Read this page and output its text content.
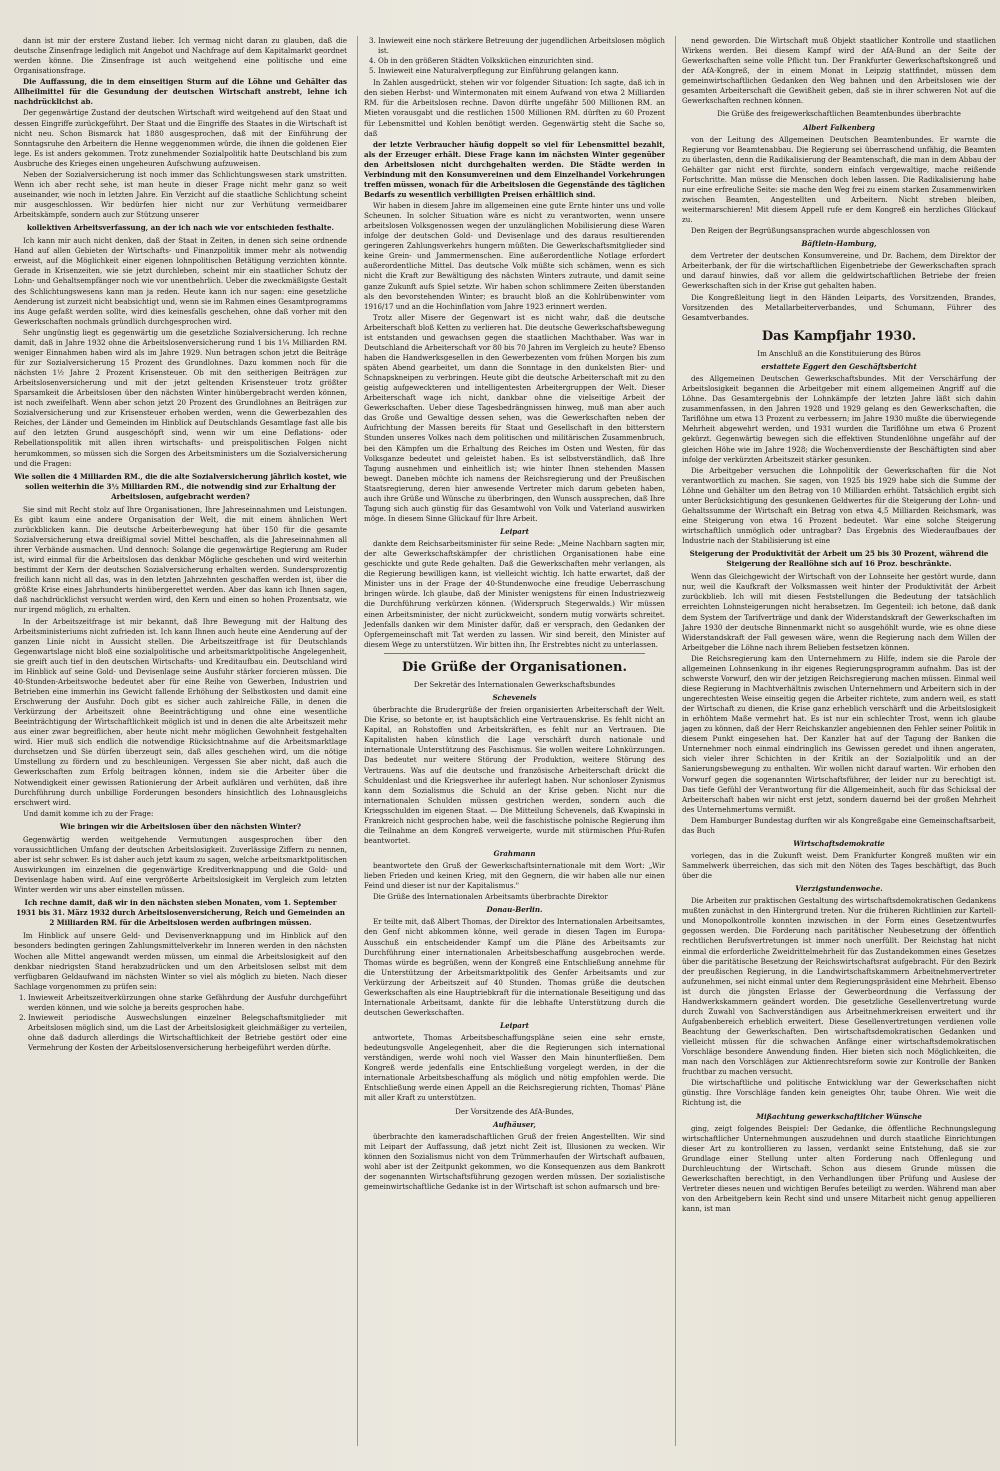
dann ist mir der erstere Zustand lieber. Ich vermag nicht daran zu glauben, daß die deutsche Zinsenfrage lediglich mit Angebot und Nachfrage auf dem Kapitalmarkt geordnet werden könne. Die Zinsenfrage ist auch weitgehend eine politische und eine Organisationsfrage.

Die Auffassung, die in dem einseitigen Sturm auf die Löhne und Gehälter das Allheilmittel für die Gesundung der deutschen Wirtschaft anstrebt, lehne ich nachdrücklichst ab.

Der gegenwärtige Zustand der deutschen Wirtschaft wird weitgehend auf den Staat und dessen Eingriffe zurückgeführt. Der Staat und die Eingriffe des Staates in die Wirtschaft ist nicht neu. Schon Bismarck hat 1880 ausgesprochen, daß mit der Einführung der Sonntagsruhe den Arbeitern die Henne weggenommen würde, die ihnen die goldenen Eier lege. Es ist anders gekommen. Trotz zunehmender Sozialpolitik hatte Deutschland bis zum Ausbruche des Krieges einen ungeheuren Aufschwung aufzuweisen.

Neben der Sozialversicherung ist noch immer das Schlichtungswesen stark umstritten. Wenn ich aber recht sehe, ist man heute in dieser Frage nicht mehr ganz so weit auseinander, wie noch in letzten Jahre. Ein Verzicht auf die staatliche Schlichtung scheint mir ausgeschlossen. Wir bedürfen hier nicht nur zur Verhütung vermeidbarer Arbeitskämpfe, sondern auch zur Stützung unserer

kollektiven Arbeitsverfassung, an der ich nach wie vor entschieden festhalte.

Ich kann mir auch nicht denken, daß der Staat in Zeiten, in denen sich seine ordnende Hand auf allen Gebieten der Wirtschafts- und Finanzpolitik immer mehr als notwendig erweist, auf die Möglichkeit einer eigenen lohnpolitischen Betätigung verzichten könnte. Gerade in Krisenzeiten, wie sie jetzt durchleben, scheint mir ein staatlicher Schutz der Lohn- und Gehaltsempfänger noch wie vor unentbehrlich. Ueber die zweckmäßigste Gestalt des Schlichtungswesens kann man ja reden. Heute kann ich nur sagen: eine gesetzliche Aenderung ist zurzeit nicht beabsichtigt und, wenn sie im Rahmen eines Gesamtprogramms ins Auge gefaßt werden sollte, wird dies keinesfalls geschehen, ohne daß vorher mit den Gewerkschaften nochmals gründlich durchgesprochen wird.

Sehr ungünstig liegt es gegenwärtig um die gesetzliche Sozialversicherung. Ich rechne damit, daß in Jahre 1932 ohne die Arbeitslosenversicherung rund 1 bis 1¼ Milliarden RM. weniger Einnahmen haben wird als im Jahre 1929. Nun betragen schon jetzt die Beiträge für zur Sozialversicherung 15 Prozent des Grundlohnes. Dazu kommen noch für die nächsten 1½ Jahre 2 Prozent Krisensteuer. Ob mit den seitherigen Beiträgen zur Arbeitslosenversicherung und mit der jetzt geltenden Krisensteuer trotz größter Sparsamkeit die Arbeitslosen über den nächsten Winter hinübergebracht werden können, ist noch zweifelhaft. Wenn aber schon jetzt 20 Prozent des Grundlohnes an Beiträgen zur Sozialversicherung und zur Krisensteuer erhoben werden, wenn die Gewerbezahlen des Reiches, der Länder und Gemeinden im Hinblick auf Deutschlands Gesamtlage fast alle bis auf den letzten Grund ausgeschöpft sind, wenn wir um eine Deflations- oder Rebellationspolitik mit allen ihren wirtschafts- und preispolitischen Folgen nicht herumkommen, so müssen sich die Sorgen des Arbeitsministers um die Sozialversicherung und die Fragen:

Wie sollen die 4 Milliarden RM., die die alte Sozialversicherung jährlich kostet, wie sollen weiterhin die 3½ Milliarden RM., die notwendig sind zur Erhaltung der Arbeitslosen, aufgebracht werden?

Sie sind mit Recht stolz auf Ihre Organisationen, Ihre Jahreseinnahmen und Leistungen. Es gibt kaum eine andere Organisation der Welt, die mit einem ähnlichen Wert zurückblicken kann. Die deutsche Arbeiterbewegung hat über 150 für die gesamte Sozialversicherung etwa dreißigmal soviel Mittel beschaffen, als die Jahreseinnahmen all ihrer Verbände ausmachen. Und dennoch: Solange die gegenwärtige Regierung am Ruder ist, wird einmal für die Arbeitslosen das denkbar Mögliche geschehen und wird weiterhin bestimmt der Kern der deutschen Sozialversicherung erhalten werden. Sundersprozentig freilich kann nicht all das, was in den letzten Jahrzehnten geschaffen werden ist, über die größte Krise eines Jahrhunderts hinübergerettet werden. Aber das kann ich Ihnen sagen, daß nachdrücklichst versucht werden wird, den Kern und einen so hohen Prozentsatz, wie nur irgend möglich, zu erhalten.

In der Arbeitszeitfrage ist mir bekannt, daß Ihre Bewegung mit der Haltung des Arbeitsministeriums nicht zufrieden ist. Ich kann Ihnen auch heute eine Aenderung auf der ganzen Linie nicht in Aussicht stellen. Die Arbeitszeitfrage ist für Deutschlands Gegenwartslage nicht bloß eine sozialpolitische und arbeitsmarktpolitische Angelegenheit, sie greift auch tief in den deutschen Wirtschafts- und Kreditaufbau ein. Deutschland wird im Hinblick auf seine Gold- und Devisenlage seine Ausfuhr stärker forcieren müssen. Die 40-Stunden-Arbeitswoche bedeutet aber für eine Reihe von Gewerben, Industrien und Betrieben eine immerhin ins Gewicht fallende Erhöhung der Selbstkosten und damit eine Erschwerung der Ausfuhr. Doch gibt es sicher auch zahlreiche Fälle, in denen die Verkürzung der Arbeitszeit ohne Beeinträchtigung und ohne eine wesentliche Beeinträchtigung der Wirtschaftlichkeit möglich ist und in denen die alte Arbeitszeit mehr aus einer zwar begreiflichen, aber heute nicht mehr möglichen Gewohnheit festgehalten wird. Hier muß sich endlich die notwendige Rücksichtnahme auf die Arbeitsmarktlage durchsetzen und Sie dürfen überzeugt sein, daß alles geschehen wird, um die nötige Umstellung zu fördern und zu beschleunigen. Vergessen Sie aber nicht, daß auch die Gewerkschaften zum Erfolg beitragen können, indem sie die Arbeiter über die Notwendigkeit einer gewissen Rationierung der Arbeit aufklären und verhüten, daß ihre Durchführung durch unbillige Forderungen besonders hinsichtlich des Lohnausgleichs erschwert wird.

Und damit komme ich zu der Frage:

Wie bringen wir die Arbeitslosen über den nächsten Winter?

Gegenwärtig werden weitgehende Vermutungen ausgesprochen über den voraussichtlichen Umfang der deutschen Arbeitslosigkeit. Zuverlässige Ziffern zu nennen, aber ist sehr schwer. Es ist daher auch jetzt kaum zu sagen, welche arbeitsmarktpolitischen Auswirkungen im einzelnen die gegenwärtige Kreditverknappung und die Gold- und Devisenlage haben wird. Auf eine vergrößerte Arbeitslosigkeit im Vergleich zum letzten Winter werden wir uns aber einstellen müssen.

Ich rechne damit, daß wir in den nächsten sieben Monaten, vom 1. September 1931 bis 31. März 1932 durch Arbeitslosenversicherung, Reich und Gemeinden an 2 Milliarden RM. für die Arbeitslosen werden aufbringen müssen.

Im Hinblick auf unsere Geld- und Devisenverknappung und im Hinblick auf den besonders bedingten geringen Zahlungsmittelverkehr im Inneren werden in den nächsten Wochen alle Mittel angewandt werden müssen, um einmal die Arbeitslosigkeit auf den denkbar niedrigsten Stand herabzudrücken und um den Arbeitslosen selbst mit dem verfügbaren Geldaufwand im nächsten Winter so viel als möglich zu bieten. Nach dieser Sachlage vorgenommen zu prüfen sein:

1. Inwieweit Arbeitszeitverkürzungen ohne starke Gefährdung der Ausfuhr durchgeführt werden können, und wie solche ja bereits gesprochen habe.
2. Inwieweit periodische Auswechslungen einzelner Belegschaftsmitglieder mit Arbeitslosen möglich sind, um die Last der Arbeitslosigkeit gleichmäßiger zu verteilen, ohne daß dadurch allerdings die Wirtschaftlichkeit der Betriebe gestört oder eine Vermehrung der Kosten der Arbeitslosenversicherung herbeigeführt werden dürfte.
3. Inwieweit eine noch stärkere Betreuung der jugendlichen Arbeitslosen möglich ist.
4. Ob in den größeren Städten Volksküchen einzurichten sind.
5. Inwieweit eine Naturalverpflegung zur Einführung gelangen kann.

In Zahlen ausgedrückt, stehen wir vor folgender Situation: Ich sagte, daß ich in den sieben Herbst- und Wintermonaten mit einem Aufwand von etwa 2 Milliarden RM. für die Arbeitslosen rechne. Davon dürfte ungefähr 500 Millionen RM. an Mieten vorausgabt und die restlichen 1500 Millionen RM. dürften zu 60 Prozent für Lebensmittel und Kohlen benötigt werden. Gegenwärtig steht die Sache so, daß

der letzte Verbraucher häufig doppelt so viel für Lebensmittel bezahlt, als der Erzeuger erhält. Diese Frage kann im nächsten Winter gegenüber den Arbeitslosen nicht durchgehalten werden. Die Städte werden in Verbindung mit den Konsumvereinen und dem Einzelhandel Vorkehrungen treffen müssen, wonach für die Arbeitslosen die Gegenstände des täglichen Bedarfs zu wesentlich verbilligten Preisen erhältlich sind.

Wir haben in diesem Jahre im allgemeinen eine gute Ernte hinter uns und volle Scheunen. In solcher Situation wäre es nicht zu verantworten, wenn unsere arbeitslosen Volksgenossen wegen der unzulänglichen Mobilisierung diese Waren infolge der deutschen Gold- und Devisenlage und des daraus resultierenden geringeren Zahlungsverkehrs hungern müßten. Die Gewerkschaftsmitglieder sind keine Grein- und Jammermenschen. Eine außerordentliche Notlage erfordert außerordentliche Mittel. Das deutsche Volk müßte sich schämen, wenn es sich nicht die Kraft zur Bewältigung des nächsten Winters zutraute, und damit seine ganze Zukunft aufs Spiel setzte. Wir haben schon schlimmere Zeiten überstanden als den bevorstehenden Winter; es braucht bloß an die Kohlrübenwinter vom 1916/17 und an die Hochinflation vom Jahre 1923 erinnert werden.

Trotz aller Misere der Gegenwart ist es nicht wahr, daß die deutsche Arbeiterschaft bloß Ketten zu verlieren hat. Die deutsche Gewerkschaftsbewegung ist entstanden und gewachsen gegen die staatlichen Machthaber. Was war in Deutschland die Arbeiterschaft vor 80 bis 70 Jahren im Vergleich zu heute? Ebenso haben die Handwerksgesellen in den Gewerbezenten vom frühen Morgen bis zum späten Abend gearbeitet, um dann die Sonntage in den dunkelsten Bier- und Schnapskneipen zu verbringen. Heute gibt die deutsche Arbeiterschaft mit zu den geistig aufgeweckteren und intelligentesten Arbeitergruppen der Welt. Dieser Arbeiterschaft wage ich nicht, dankbar ohne die vielseitige Arbeit der Gewerkschaften. Ueber diese Tagesbedrängnissen hinweg, muß man aber auch das Große und Gewaltige dessen sehen, was die Gewerkschaften neben der Aufrichtung der Massen bereits für Staat und Gesellschaft in den bitterstern Stunden unseres Volkes nach dem politischen und militärischen Zusammenbruch, bei den Kämpfen um die Erhaltung des Reiches im Osten und Westen, für das Volksganze bedeutet und geleistet haben. Es ist selbstverständlich, daß Ihre Tagung ausnehmen und einheitlich ist; wie hinter Ihnen stehenden Massen bewegt. Daneben möchte ich namens der Reichsregierung und der Preußischen Staatsregierung, deren hier anwesende Vertreter mich darum gebeten haben, auch ihre Grüße und Wünsche zu überbringen, den Wunsch aussprechen, daß Ihre Tagung sich auch günstig für das Gesamtwohl von Volk und Vaterland auswirken möge. In diesem Sinne Glückauf für Ihre Arbeit.

Leipart

dankte dem Reichsarbeitsminister für seine Rede: „Meine Nachbarn sagten mir, der alte Gewerkschaftskämpfer der christlichen Organisationen habe eine geschickte und gute Rede gehalten. Daß die Gewerkschaften mehr verlangen, als die Regierung bewilligen kann, ist vielleicht wichtig. Ich hatte erwartet, daß der Minister uns in der Frage der 40-Stundenwoche eine freudige Ueberraschung bringen würde. Ich glaube, daß der Minister wenigstens für einen Industriezweig die Durchführung verkürzen können. (Widerspruch Stegerwalds.) Wir müssen einen Arbeitsminister, der nicht zurückweicht, sondern mutig vorwärts schreitet. Jedenfalls danken wir dem Minister dafür, daß er versprach, den Gedanken der Opfergemeinschaft mit Tat werden zu lassen. Wir sind bereit, den Minister auf diesem Wege zu unterstützen. Wir bitten ihn, Ihr Erstrebtes nicht zu unterlassen.

Die Grüße der Organisationen.

Der Sekretär des Internationalen Gewerkschaftsbundes

Schevenels

überbrachte die Brudergrüße der freien organisierten Arbeiterschaft der Welt. Die Krise, so betonte er, ist hauptsächlich eine Vertrauenskrise. Es fehlt nicht an Kapital, an Rohstoffen und Arbeitskräften, es fehlt nur an Vertrauen. Die Kapitalisten haben künstlich die Lage verschärft durch nationale und internationale Unterstützung des Faschismus. Sie wollen weitere Lohnkürzungen. Das bedeutet nur weitere Störung der Produktion, weitere Störung des Vertrauens. Was auf die deutsche und französische Arbeiterschaft drückt die Schuldenlast und die Kriegsverhee ihr auferlegt haben. Nur schonloser Zynismus kann dem Sozialismus die Schuld an der Krise geben. Nicht nur die internationalen Schulden müssen gestrichen werden, sondern auch die Kriegsschulden im eigenen Staat. — Die Mitteilung Schevenels, daß Kwapinski in Frankreich nicht gesprochen habe, weil die faschistische polnische Regierung ihm die Teilnahme an dem Kongreß verweigerte, wurde mit stürmischen Pfui-Rufen beantwortet.

Grahmann

beantwortete den Gruß der Gewerkschaftsinternationale mit dem Wort: „Wir lieben Frieden und keinen Krieg, mit den Gegnern, die wir haben alle nur einen Feind und dieser ist nur der Kapitalismus."

Die Grüße des Internationalen Arbeitsamts überbrachte Direktor

Donau-Berlin.

Er teilte mit, daß Albert Thomas, der Direktor des Internationalen Arbeitsamtes, den Genf nicht abkommen könne, weil gerade in diesen Tagen im Europa-Ausschuß ein entscheidender Kampf um die Pläne des Arbeitsamts zur Durchführung einer internationalen Arbeitsbeschaffung ausgebrochen werde. Thomas würde es begrüßen, wenn der Kongreß eine Entschließung annehme für die Unterstützung der Arbeitsmarktpolitik des Genfer Arbeitsamts und zur Verkürzung der Arbeitszeit auf 40 Stunden. Thomas grüße die deutschen Gewerkschaften als eine Hauptriebkraft für die internationale Beseitigung und das Internationale Arbeitsamt, dankte für die lebhafte Unterstützung durch die deutschen Gewerkschaften.

Leipart

antwortete, Thomas Arbeitsbeschaffungspläne seien eine sehr ernste, bedeutungsvolle Angelegenheit, aber die die Regierungen sich international verständigen, werde wohl noch viel Wasser den Main hinunterfließen. Dem Kongreß werde jedenfalls eine Entschließung vorgelegt werden, in der die internationale Arbeitsbeschaffung als möglich und nötig empfohlen werde. Die Entschließung werde einen Appell an die Reichsregierung richten, Thomas' Pläne mit aller Kraft zu unterstützen.

Der Vorsitzende des AfA-Bundes,

Aufhäuser,

überbrachte den kameradschaftlichen Gruß der freien Angestellten. Wir sind mit Leipart der Auffassung, daß jetzt nicht Zeit ist, Illusionen zu wecken. Wir können den Sozialismus nicht von dem Trümmerhaufen der Wirtschaft aufbauen, wohl aber ist der Zeitpunkt gekommen, wo die Konsequenzen aus dem Bankrott der sogenannten Wirtschaftsführung gezogen werden müssen. Der sozialistische gemeinwirtschaftliche Gedanke ist in der Wirtschaft ist schon aufmarsch und bre-

nend geworden. Die Wirtschaft muß Objekt staatlicher Kontrolle und staatlichen Wirkens werden. Bei diesem Kampf wird der AfA-Bund an der Seite der Gewerkschaften seine volle Pflicht tun. Der Frankfurter Gewerkschaftskongreß und der AfA-Kongreß, der in einem Monat in Leipzig stattfindet, müssen dem gemeinwirtschaftlichen Gedanken den Weg bahnen und den Arbeitslosen wie der gesamten Arbeiterschaft die Gewißheit geben, daß sie in ihrer schweren Not auf die Gewerkschaften rechnen können.

Die Grüße des freigewerkschaftlichen Beamtenbundes überbrachte

Albert Falkenberg

von der Leitung des Allgemeinen Deutschen Beamtenbundes. Er warnte die Regierung vor Beamtenabbau. Die Regierung sei überraschend unfähig, die Beamten zu überlasten, denn die Radikalisierung der Beamtenschaft, die man in dem Abbau der Gehälter gar nicht erst fürchte, sondern einfach vergewaltige, mache reißende Fortschritte. Man müsse die Menschen doch leben lassen. Die Radikalisierung habe nur eine erfreuliche Seite: sie mache den Weg frei zu einem starken Zusammenwirken zwischen Beamten, Angestellten und Arbeitern. Nicht streben bleiben, weitermarschieren! Mit diesem Appell rufe er dem Kongreß ein herzliches Glückauf zu.

Den Reigen der Begrüßungsansprachen wurde abgeschlossen von

Bäſtlein-Hamburg,

dem Vertreter der deutschen Konsumvereine, und Dr. Bachem, dem Direktor der Arbeiterbank, der für die wirtschaftlichen Eigenbetriebe der Gewerkschaften sprach und darauf hinwies, daß vor allem die geldwirtschaftlichen Betriebe der freien Gewerkschaften sich in der Krise gut gehalten haben.

Die Kongreßleitung liegt in den Händen Leiparts, des Vorsitzenden, Brandes, Vorsitzenden des Metallarbeiterverbandes, und Schumann, Führer des Gesamtverbandes.

Das Kampfjahr 1930.

Im Anschluß an die Konstituierung des Büros

erstattete Eggert den Geschäftsbericht

des Allgemeinen Deutschen Gewerkschaftsbundes. Mit der Verschärfung der Arbeitslosigkeit begannen die Arbeitgeber mit einem allgemeinen Angriff auf die Löhne. Das Gesamtergebnis der Lohnkämpfe der letzten Jahre läßt sich dahin zusammenfassen, in den Jahren 1928 und 1929 gelang es den Gewerkschaften, die Tariflöhne um etwa 13 Prozent zu verbessern; im Jahre 1930 mußte die überwiegende Mehrheit abgewehrt werden, und 1931 wurden die Tariflöhne um etwa 6 Prozent gekürzt. Gegenwärtig bewegen sich die effektiven Stundenlöhne ungefähr auf der gleichen Höhe wie im Jahre 1928; die Wochenverdienste der Beschäftigten sind aber infolge der verkürzten Arbeitszeit stärker gesunken.

Die Arbeitgeber versuchen die Lohnpolitik der Gewerkschaften für die Not verantwortlich zu machen. Sie sagen, von 1925 bis 1929 habe sich die Summe der Löhne und Gehälter um den Betrag von 10 Milliarden erhöht. Tatsächlich ergibt sich unter Berücksichtigung des gesunkenen Geldwertes für die Steigerung der Lohn- und Gehaltssumme der Wirtschaft ein Betrag von etwa 4,5 Milliarden Reichsmark, was eine Steigerung von etwa 16 Prozent bedeutet. War eine solche Steigerung wirtschaftlich unmöglich oder untragbar? Das Ergebnis des Wiederaufbaues der Industrie nach der Stabilisierung ist eine

Steigerung der Produktivität der Arbeit um 25 bis 30 Prozent, während die Steigerung der Reallöhne sich auf 16 Proz. beschränkte.

Wenn das Gleichgewicht der Wirtschaft von der Lohnseite her gestört wurde, dann nur, weil die Kaufkraft der Volksmassen weit hinter der Produktivität der Arbeit zurückblieb. Ich will mit diesen Feststellungen die Bedeutung der tatsächlich erreichten Lohnsteigerungen nicht herabsetzen. Im Gegenteil: ich betone, daß dank dem System der Tarifverträge und dank der Widerstandskraft der Gewerkschaften im Jahre 1930 der deutsche Binnenmarkt nicht so ausgehöhlt wurde, wie es ohne diese Widerstandskraft der Fall gewesen wäre, wenn die Regierung nach dem Willen der Arbeitgeber die Löhne nach ihrem Belieben festsetzen können.

Die Reichsregierung kam den Unternehmern zu Hilfe, indem sie die Parole der allgemeinen Lohnsenkung in ihr eigenes Regierungsprogramm aufnahm. Das ist der schwerste Vorwurf, den wir der jetzigen Reichsregierung machen müssen. Einmal weil diese Regierung in Machtverhältnis zwischen Unternehmern und Arbeitern sich in der ungerechtesten Weise einseitig gegen die Arbeiter richtete, zum andern weil, es statt der Wirtschaft zu dienen, die Krise ganz erheblich verschärft und die Arbeitslosigkeit in erhöhtem Maße vermehrt hat. Es ist nur ein schlechter Trost, wenn ich glaube jagen zu können, daß der Herr Reichskanzler angebiennen den Fehler seiner Politik in diesem Punkt eingesehen hat. Der Kanzler hat auf der Tagung der Banken die Unternehmer noch einmal eindringlich ins Gewissen geredet und ihnen angeraten, sich vieler ihrer Schichten in der Kritik an der Sozialpolitik und an der Sanierungsbewegung zu enthalten. Wir wollen nicht darauf warten. Wir erhoben den Vorwurf gegen die sogenannten Wirtschaftsführer, der leider nur zu berechtigt ist. Das tiefe Gefühl der Verantwortung für die Allgemeinheit, auch für das Schicksal der Arbeiterschaft haben wir nicht erst jetzt, sondern dauernd bei der großen Mehrheit des Unternehmertums vermißt.

Dem Hamburger Bundestag durften wir als Kongreßgabe eine Gemeinschaftsarbeit, das Buch

Wirtschaftsdemokratie

vorlegen, das in die Zukunft weist. Dem Frankfurter Kongreß mußten wir ein Sammelwerk überreichen, das sich mit den Nöten des Tages beschäftigt, das Buch über die

Vierzigstundenwoche.

Die Arbeiten zur praktischen Gestaltung des wirtschaftsdemokratischen Gedankens mußten zunächst in den Hintergrund treten. Nur die früheren Richtlinien zur Kartell- und Monopolkontrolle konnten inzwischen in der Form eines Gesetzentwurfes gegossen werden. Die Forderung nach paritätischer Neubesetzung der öffentlich rechtlichen Berufsvertretungen ist immer noch unerfüllt. Der Reichstag hat nicht einmal die erforderliche Zweidrittelmehrheit für das Zustandekommen eines Gesetzes über die paritätische Besetzung der Reichswirtschaftsrat aufgebracht. Für den Bezirk der preußischen Regierung, in die Landwirtschaftskammern Arbeitnehmervertreter aufzunehmen, sei nicht einmal unter dem Regierungspräsident eine Mehrheit. Ebenso ist durch die jüngsten Erlasse der Gewerbeordnung die Verfassung der Handwerkskammern geändert worden. Die gesetzliche Gesellenvertretung wurde durch Zuwahl von Sachverständigen aus Arbeitnehmerkreisen erweitert und ihr Aufgabenbereich erheblich erweitert. Diese Gesellenvertretungen verdienen volle Beachtung der Gewerkschaften. Den wirtschaftsdemokratischen Gedanken und vielleicht müssen für die schwachen Anfänge einer wirtschaftsdemokratischen Vorschläge besondere Anwendung finden. Hier bieten sich noch Möglichkeiten, die man nach den Vorschlägen zur Aktienrechtsreform sowie zur Kontrolle der Banken fruchtbar zu machen versucht.

Die wirtschaftliche und politische Entwicklung war der Gewerkschaften nicht günstig. Ihre Vorschläge fanden kein geneigtes Ohr, taube Ohren. Wie weit die Richtung ist, die

Mißachtung gewerkschaftlicher Wünsche

ging, zeigt folgendes Beispiel: Der Gedanke, die öffentliche Rechnungslegung wirtschaftlicher Unternehmungen auszudehnen und durch staatliche Einrichtungen dieser Art zu kontrollieren zu lassen, verdankt seine Entstehung, daß sie zur Grundlage einer Stellung unter alten Forderung nach Offenlegung und Durchleuchtung der Wirtschaft. Schon aus diesem Grunde müssen die Gewerkschaften berechtigt, in den Verhandlungen über Prüfung und Auslese der Vertreter dieses neuen und wichtigen Berufes beteiligt zu werden. Während man aber von den Arbeitgebern kein Recht sind und unsere Mitarbeit nicht genug appellieren kann, ist man
